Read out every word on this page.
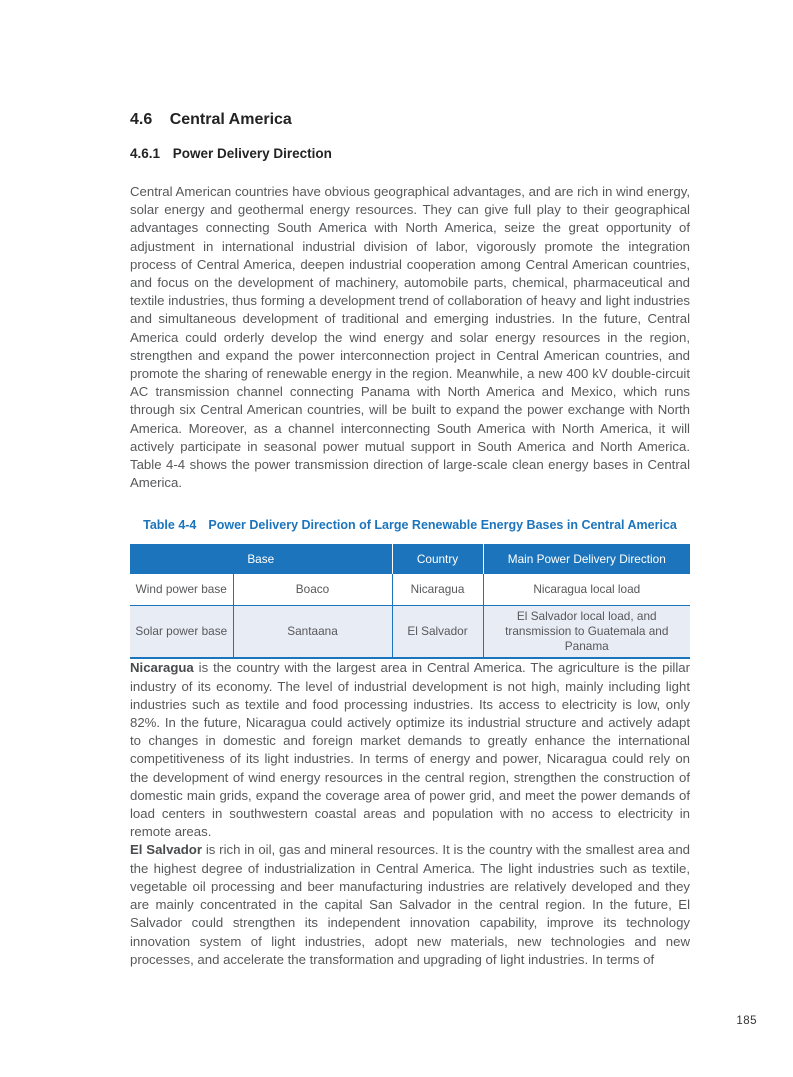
4.6 Central America
4.6.1 Power Delivery Direction

Central American countries have obvious geographical advantages, and are rich in wind energy, solar energy and geothermal energy resources. They can give full play to their geographical advantages connecting South America with North America, seize the great opportunity of adjustment in international industrial division of labor, vigorously promote the integration process of Central America, deepen industrial cooperation among Central American countries, and focus on the development of machinery, automobile parts, chemical, pharmaceutical and textile industries, thus forming a development trend of collaboration of heavy and light industries and simultaneous development of traditional and emerging industries. In the future, Central America could orderly develop the wind energy and solar energy resources in the region, strengthen and expand the power interconnection project in Central American countries, and promote the sharing of renewable energy in the region. Meanwhile, a new 400 kV double-circuit AC transmission channel connecting Panama with North America and Mexico, which runs through six Central American countries, will be built to expand the power exchange with North America. Moreover, as a channel interconnecting South America with North America, it will actively participate in seasonal power mutual support in South America and North America. Table 4-4 shows the power transmission direction of large-scale clean energy bases in Central America.

Table 4-4 Power Delivery Direction of Large Renewable Energy Bases in Central America
Base		Country	Main Power Delivery Direction
Wind power base	Boaco	Nicaragua	Nicaragua local load
Solar power base	Santaana	El Salvador	El Salvador local load, and transmission to Guatemala and Panama

Nicaragua is the country with the largest area in Central America. The agriculture is the pillar industry of its economy. The level of industrial development is not high, mainly including light industries such as textile and food processing industries. Its access to electricity is low, only 82%. In the future, Nicaragua could actively optimize its industrial structure and actively adapt to changes in domestic and foreign market demands to greatly enhance the international competitiveness of its light industries. In terms of energy and power, Nicaragua could rely on the development of wind energy resources in the central region, strengthen the construction of domestic main grids, expand the coverage area of power grid, and meet the power demands of load centers in southwestern coastal areas and population with no access to electricity in remote areas.

El Salvador is rich in oil, gas and mineral resources. It is the country with the smallest area and the highest degree of industrialization in Central America. The light industries such as textile, vegetable oil processing and beer manufacturing industries are relatively developed and they are mainly concentrated in the capital San Salvador in the central region. In the future, El Salvador could strengthen its independent innovation capability, improve its technology innovation system of light industries, adopt new materials, new technologies and new processes, and accelerate the transformation and upgrading of light industries. In terms of

185
